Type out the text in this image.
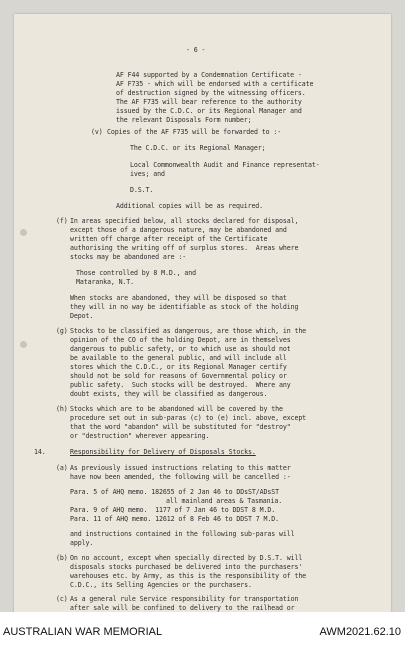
- 6 -
AF F44 supported by a Condemnation Certificate -
AF F735 - which will be endorsed with a certificate
of destruction signed by the witnessing officers.
The AF F735 will bear reference to the authority
issued by the C.D.C. or its Regional Manager and
the relevant Disposals Form number;
(v) Copies of the AF F735 will be forwarded to :-
The C.D.C. or its Regional Manager;
Local Commonwealth Audit and Finance representat-
ives; and
D.S.T.
Additional copies will be as required.
(f) In areas specified below, all stocks declared for disposal,
except those of a dangerous nature, may be abandoned and
written off charge after receipt of the Certificate
authorising the writing off of surplus stores.  Areas where
stocks may be abandoned are :-
Those controlled by 8 M.D., and
Mataranka, N.T.
When stocks are abandoned, they will be disposed so that
they will in no way be identifiable as stock of the holding
Depot.
(g) Stocks to be classified as dangerous, are those which, in the
opinion of the CO of the holding Depot, are in themselves
dangerous to public safety, or to which use as should not
be available to the general public, and will include all
stores which the C.D.C., or its Regional Manager certify
should not be sold for reasons of Governmental policy or
public safety.  Such stocks will be destroyed.  Where any
doubt exists, they will be classified as dangerous.
(h) Stocks which are to be abandoned will be covered by the
procedure set out in sub-paras (c) to (e) incl. above, except
that the word "abandon" will be substituted for "destroy"
or "destruction" wherever appearing.
14.	Responsibility for Delivery of Disposals Stocks.
(a) As previously issued instructions relating to this matter
have now been amended, the following will be cancelled :-
Para. 5 of AHQ memo. 182655 of 2 Jan 46 to DDsST/ADsST
all mainland areas & Tasmania.
Para. 9 of AHQ memo.  1177 of 7 Jan 46 to DDST 8 M.D.
Para. 11 of AHQ memo. 12612 of 8 Feb 46 to DDST 7 M.D.
and instructions contained in the following sub-paras will
apply.
(b) On no account, except when specially directed by D.S.T. will
disposals stocks purchased be delivered into the purchasers'
warehouses etc. by Army, as this is the responsibility of the
C.D.C., its Selling Agencies or the purchasers.
(c) As a general rule Service responsibility for transportation
after sale will be confined to delivery to the railhead or
AUSTRALIAN WAR MEMORIAL	AWM2021.62.10
